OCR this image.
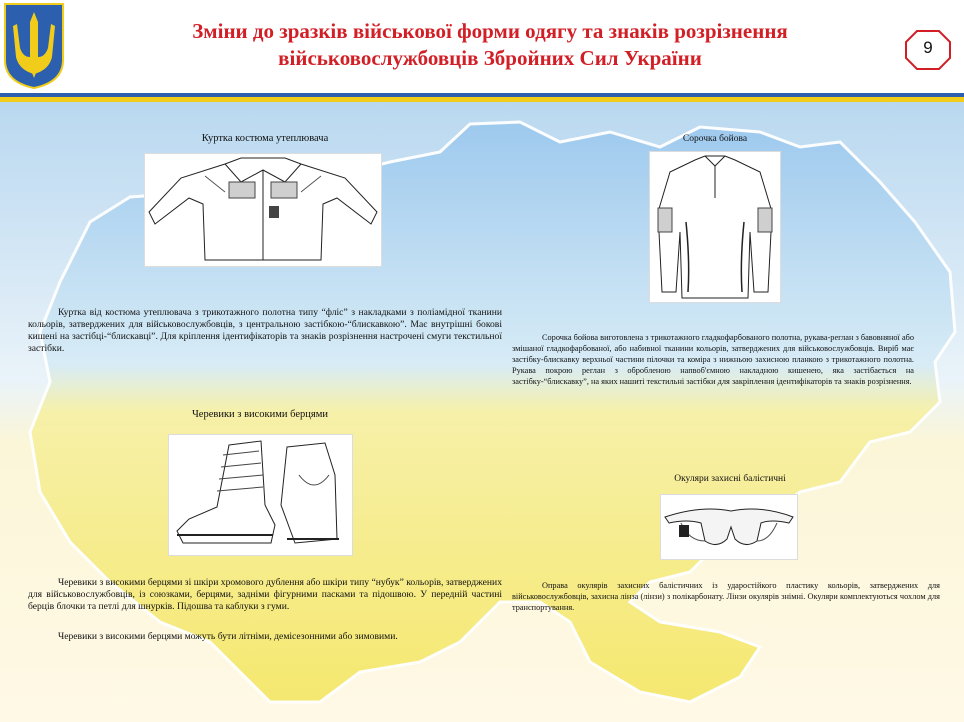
Зміни до зразків військової форми одягу та знаків розрізнення
військовослужбовців Збройних Сил України	9
Куртка костюма утеплювача

Куртка від костюма утеплювача з трикотажного полотна типу “фліс” з накладками з поліамідної тканини кольорів, затверджених для військовослужбовців, з центральною застібкою-“блискавкою”. Має внутрішні бокові кишені на застібці-“блискавці”. Для кріплення ідентифікаторів та знаків розрізнення настрочені смуги текстильної застібки.

Сорочка бойова

Сорочка бойова виготовлена з трикотажного гладкофарбованого полотна, рукава-реглан з бавовняної або змішаної гладкофарбованої, або набивної тканини кольорів, затверджених для військовослужбовців. Виріб має застібку-блискавку верхньої частини пілочки та коміра з нижньою захисною планкою з трикотажного полотна. Рукава покрою реглан з обробленою напвоб'ємною накладною кишенею, яка застібається на застібку-“блискавку”, на яких нашиті текстильні застібки для закріплення ідентифікаторів та знаків розрізнення.

Черевики з високими берцями

Черевики з високими берцями зі шкіри хромового дублення або шкіри типу “нубук” кольорів, затверджених для військовослужбовців, із союзками, берцями, задніми фігурними пасками та підошвою. У передній частині берців блочки та петлі для шнурків. Підошва та каблуки з гуми.

Черевики з високими берцями можуть бути літніми, демісезонними або зимовими.

Окуляри захисні балістичні

Оправа окулярів захисних балістичних із ударостійкого пластику кольорів, затверджених для військовослужбовців, захисна лінза (лінзи) з полікарбонату. Лінзи окулярів знімні. Окуляри комплектуються чохлом для транспортування.
